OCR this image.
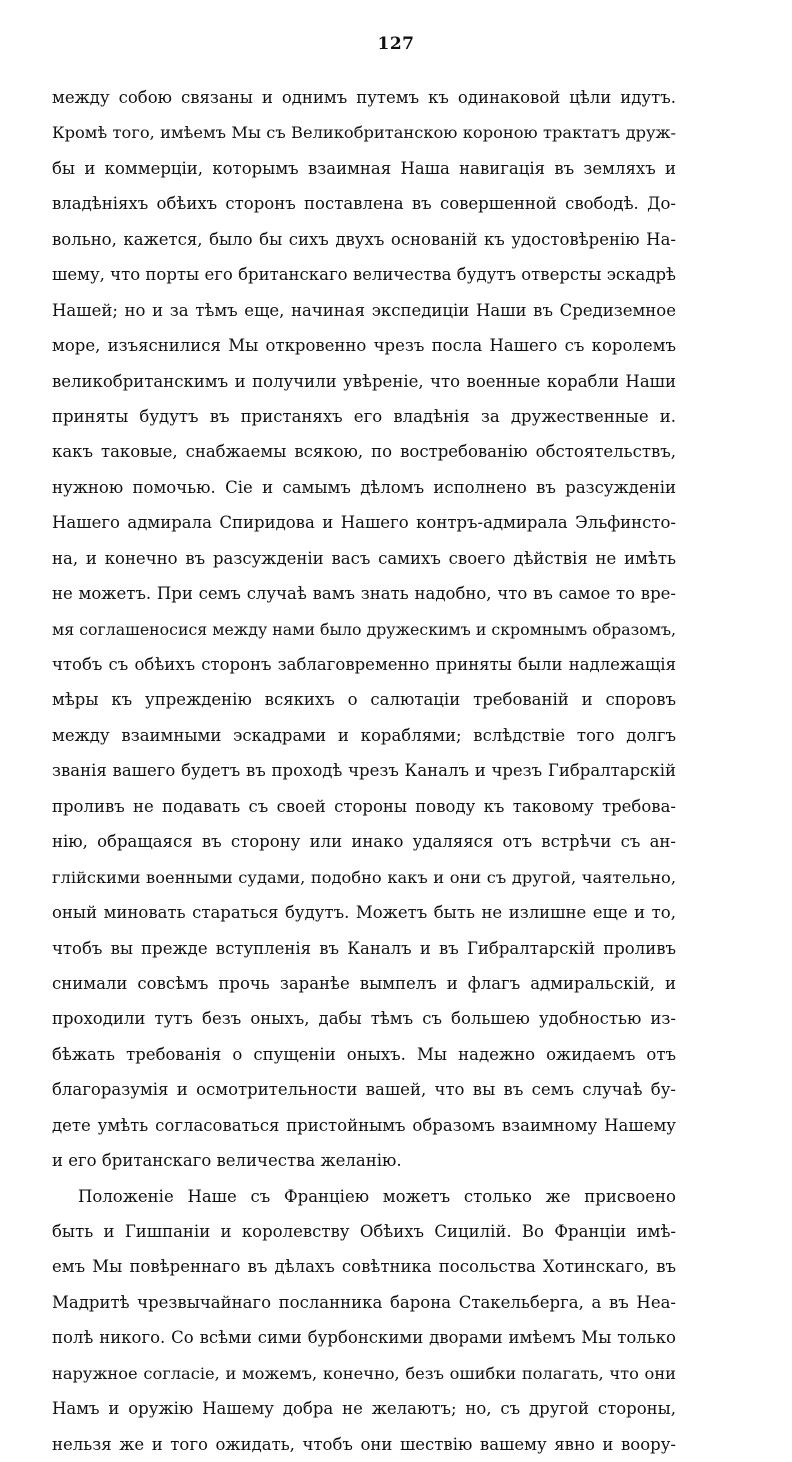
127
между собою связаны и однимъ путемъ къ одинаковой цѣли идутъ.
Кромѣ того, имѣемъ Мы съ Великобританскою короною трактатъ друж-
бы и коммерціи, которымъ взаимная Наша навигація въ земляхъ и
владѣніяхъ обѣихъ сторонъ поставлена въ совершенной свободѣ. До-
вольно, кажется, было бы сихъ двухъ основаній къ удостовѣренію На-
шему, что порты его британскаго величества будутъ отверсты эскадрѣ
Нашей; но и за тѣмъ еще, начиная экспедиціи Наши въ Средиземное
море, изъяснилися Мы откровенно чрезъ посла Нашего съ королемъ
великобританскимъ и получили увѣреніе, что военные корабли Наши
приняты будутъ въ пристаняхъ его владѣнія за дружественные и.
какъ таковые, снабжаемы всякою, по востребованію обстоятельствъ,
нужною помочью. Сіе и самымъ дѣломъ исполнено въ разсужденіи
Нашего адмирала Спиридова и Нашего контръ-адмирала Эльфинсто-
на, и конечно въ разсужденіи васъ самихъ своего дѣйствія не имѣть
не можетъ. При семъ случаѣ вамъ знать надобно, что въ самое то вре-
мя соглашеносися между нами было дружескимъ и скромнымъ образомъ,
чтобъ съ обѣихъ сторонъ заблаговременно приняты были надлежащія
мѣры къ упрежденію всякихъ о салютаціи требованій и споровъ
между взаимными эскадрами и кораблями; вслѣдствіе того долгъ
званія вашего будетъ въ проходѣ чрезъ Каналъ и чрезъ Гибралтарскій
проливъ не подавать съ своей стороны поводу къ таковому требова-
нію, обращаяся въ сторону или инако удаляяся отъ встрѣчи съ ан-
глійскими военными судами, подобно какъ и они съ другой, чаятельно,
оный миновать стараться будутъ. Можетъ быть не излишне еще и то,
чтобъ вы прежде вступленія въ Каналъ и въ Гибралтарскій проливъ
снимали совсѣмъ прочь заранѣе вымпелъ и флагъ адмиральскій, и
проходили тутъ безъ оныхъ, дабы тѣмъ съ большею удобностью из-
бѣжать требованія о спущеніи оныхъ. Мы надежно ожидаемъ отъ
благоразумія и осмотрительности вашей, что вы въ семъ случаѣ бу-
дете умѣть согласоваться пристойнымъ образомъ взаимному Нашему
и его британскаго величества желанію.
Положеніе Наше съ Франціею можетъ столько же присвоено
быть и Гишпаніи и королевству Обѣихъ Сицилій. Во Франціи имѣ-
емъ Мы повѣреннаго въ дѣлахъ совѣтника посольства Хотинскаго, въ
Мадритѣ чрезвычайнаго посланника барона Стакельберга, а въ Неа-
полѣ никого. Со всѣми сими бурбонскими дворами имѣемъ Мы только
наружное согласіе, и можемъ, конечно, безъ ошибки полагать, что они
Намъ и оружію Нашему добра не желаютъ; но, съ другой стороны,
нельзя же и того ожидать, чтобъ они шествію вашему явно и воору-
